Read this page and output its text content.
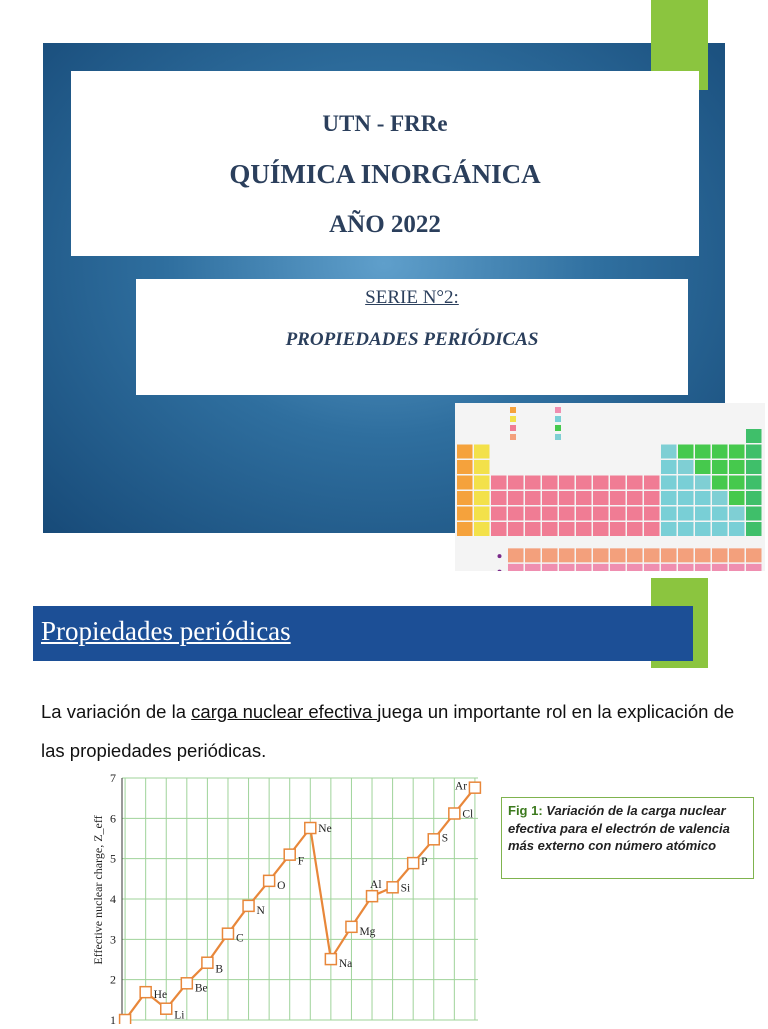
UTN - FRRe
QUÍMICA INORGÁNICA
AÑO 2022
SERIE N°2:
PROPIEDADES PERIÓDICAS
Propiedades periódicas
La variación de la carga nuclear efectiva juega un importante rol en la explicación de las propiedades periódicas.
Effective nuclear charge, Z_eff
1
2
3
4
5
6
7
He
Li
Be
B
C
N
O
F
Ne
Na
Mg
Al Si
P
S
Cl
Ar
Fig 1: Variación de la carga nuclear efectiva para el electrón de valencia más externo con número atómico
